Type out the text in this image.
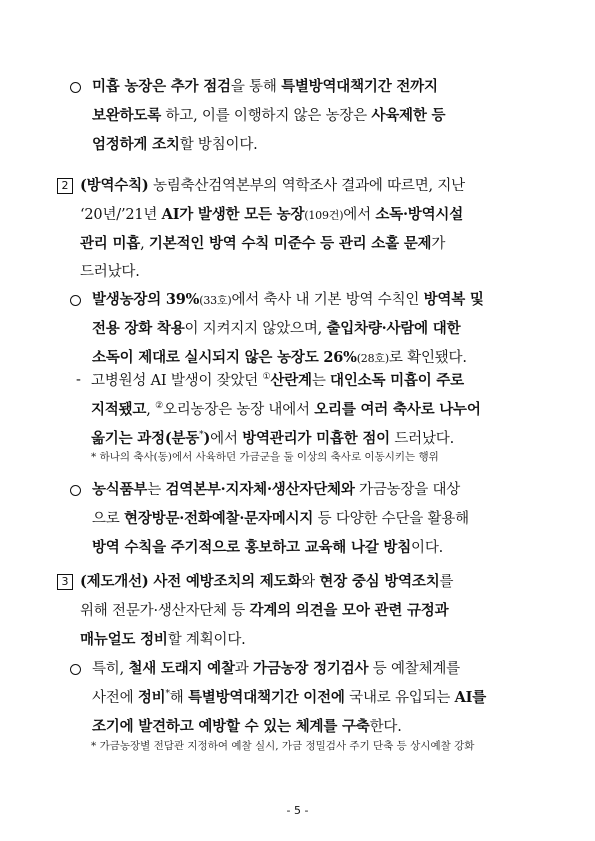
미흡 농장은 추가 점검을 통해 특별방역대책기간 전까지
보완하도록 하고, 이를 이행하지 않은 농장은 사육제한 등
엄정하게 조치할 방침이다.
2 (방역수칙) 농림축산검역본부의 역학조사 결과에 따르면, 지난
‘20년/’21년 AI가 발생한 모든 농장(109건)에서 소독·방역시설
관리 미흡, 기본적인 방역 수칙 미준수 등 관리 소홀 문제가
드러났다.
발생농장의 39%(33호)에서 축사 내 기본 방역 수칙인 방역복 및
전용 장화 착용이 지켜지지 않았으며, 출입차량·사람에 대한
소독이 제대로 실시되지 않은 농장도 26%(28호)로 확인됐다.
- 고병원성 AI 발생이 잦았던 ①산란계는 대인소독 미흡이 주로
지적됐고, ②오리농장은 농장 내에서 오리를 여러 축사로 나누어
옮기는 과정(분동*)에서 방역관리가 미흡한 점이 드러났다.
* 하나의 축사(동)에서 사육하던 가금군을 둘 이상의 축사로 이동시키는 행위
농식품부는 검역본부·지자체·생산자단체와 가금농장을 대상
으로 현장방문·전화예찰·문자메시지 등 다양한 수단을 활용해
방역 수칙을 주기적으로 홍보하고 교육해 나갈 방침이다.
3 (제도개선) 사전 예방조치의 제도화와 현장 중심 방역조치를
위해 전문가·생산자단체 등 각계의 의견을 모아 관련 규정과
매뉴얼도 정비할 계획이다.
특히, 철새 도래지 예찰과 가금농장 정기검사 등 예찰체계를
사전에 정비*해 특별방역대책기간 이전에 국내로 유입되는 AI를
조기에 발견하고 예방할 수 있는 체계를 구축한다.
* 가금농장별 전담관 지정하여 예찰 실시, 가금 정밀검사 주기 단축 등 상시예찰 강화
- 5 -
